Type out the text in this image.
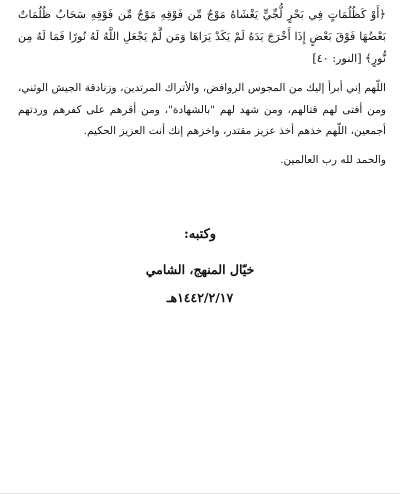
﴿أَوْ كَظُلُمَاتٍ فِي بَحْرٍ لُّجِّيٍّ يَغْشَاهُ مَوْجٌ مِّن فَوْقِهِ مَوْجٌ مِّن فَوْقِهِ سَحَابٌ ظُلُمَاتٌ بَعْضُهَا فَوْقَ بَعْضٍ إِذَا أَخْرَجَ يَدَهُ لَمْ يَكَدْ يَرَاهَا وَمَن لَّمْ يَجْعَلِ اللَّهُ لَهُ نُورًا فَمَا لَهُ مِن نُّورٍ﴾ [النور: ٤٠]

اللّهم إني أبرأ إليك من المجوس الروافض، والأتراك المرتدين، وزنادقة الجيش الوثني، ومن أفتى لهم قتالهم، ومن شهد لهم "بالشهادة"، ومن أقرهم على كفرهم وردتهم أجمعين، اللّهم خذهم أخذ عزيز مقتدر، واخزهم إنك أنت العزيز الحكيم.

والحمد لله رب العالمين.

وكتبه:
خيّال المنهج، الشامي
١٤٤٢/٢/١٧هـ
